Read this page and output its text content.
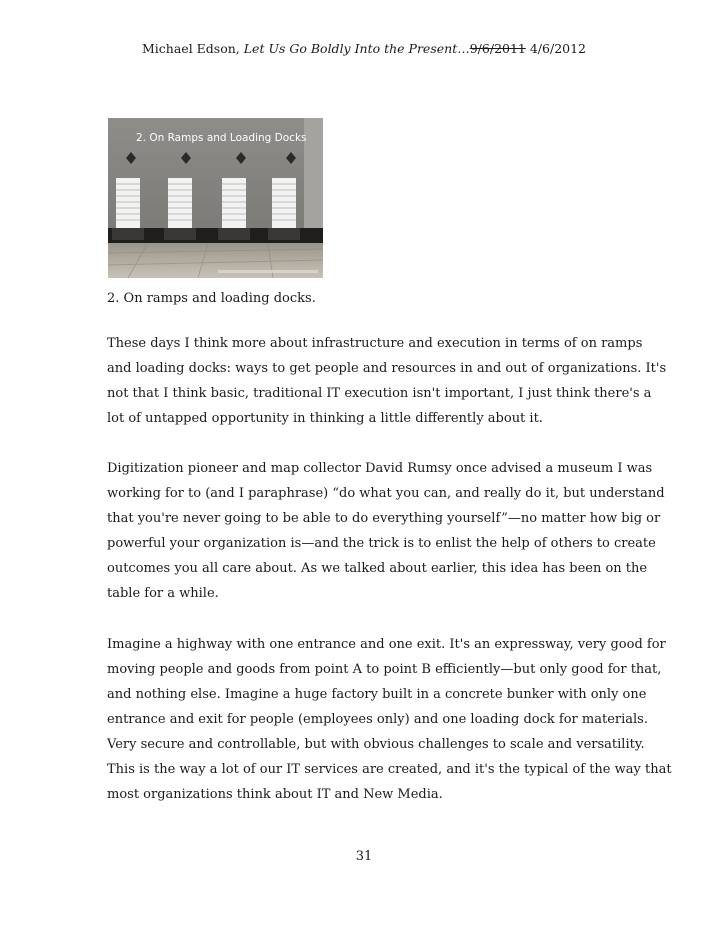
Michael Edson, Let Us Go Boldly Into the Present…9/6/2011 4/6/2012
2. On Ramps and Loading Docks
2. On ramps and loading docks.

These days I think more about infrastructure and execution in terms of on ramps

and loading docks: ways to get people and resources in and out of organizations. It's

not that I think basic, traditional IT execution isn't important, I just think there's a

lot of untapped opportunity in thinking a little differently about it.

Digitization pioneer and map collector David Rumsy once advised a museum I was

working for to (and I paraphrase) “do what you can, and really do it, but understand

that you're never going to be able to do everything yourself”—no matter how big or

powerful your organization is—and the trick is to enlist the help of others to create

outcomes you all care about. As we talked about earlier, this idea has been on the

table for a while.

Imagine a highway with one entrance and one exit. It's an expressway, very good for

moving people and goods from point A to point B efficiently—but only good for that,

and nothing else. Imagine a huge factory built in a concrete bunker with only one

entrance and exit for people (employees only) and one loading dock for materials.

Very secure and controllable, but with obvious challenges to scale and versatility.

This is the way a lot of our IT services are created, and it's the typical of the way that

most organizations think about IT and New Media.

31
